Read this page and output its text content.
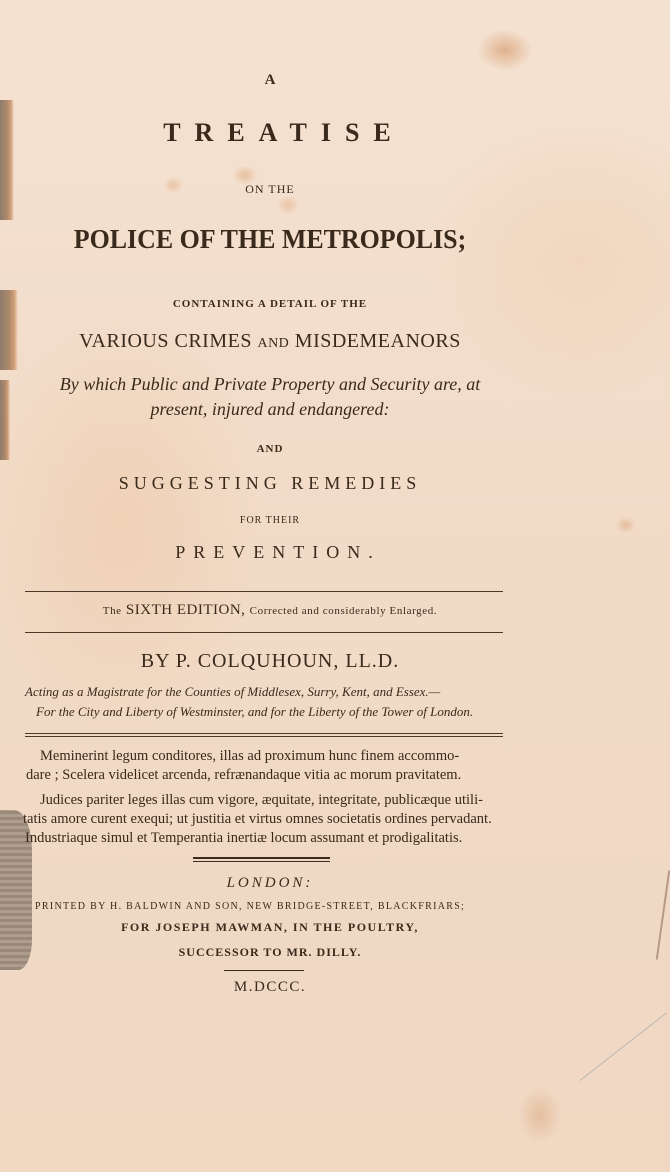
A
TREATISE
ON THE
POLICE OF THE METROPOLIS;
CONTAINING A DETAIL OF THE
VARIOUS CRIMES AND MISDEMEANORS
By which Public and Private Property and Security are, at
present, injured and endangered:
AND
SUGGESTING REMEDIES
FOR THEIR
PREVENTION.
The SIXTH EDITION, Corrected and considerably Enlarged.
BY P. COLQUHOUN, LL.D.
Acting as a Magistrate for the Counties of Middlesex, Surry, Kent, and Essex.—
For the City and Liberty of Westminster, and for the Liberty of the Tower of London.
Meminerint legum conditores, illas ad proximum hunc finem accommo-
dare ; Scelera videlicet arcenda, refrænandaque vitia ac morum pravitatem.
Judices pariter leges illas cum vigore, æquitate, integritate, publicæque utili-
tatis amore curent exequi; ut justitia et virtus omnes societatis ordines pervadant.
Industriaque simul et Temperantia inertiæ locum assumant et prodigalitatis.
LONDON:
PRINTED BY H. BALDWIN AND SON, NEW BRIDGE-STREET, BLACKFRIARS;
FOR JOSEPH MAWMAN, IN THE POULTRY,
SUCCESSOR TO MR. DILLY.
M.DCCC.
